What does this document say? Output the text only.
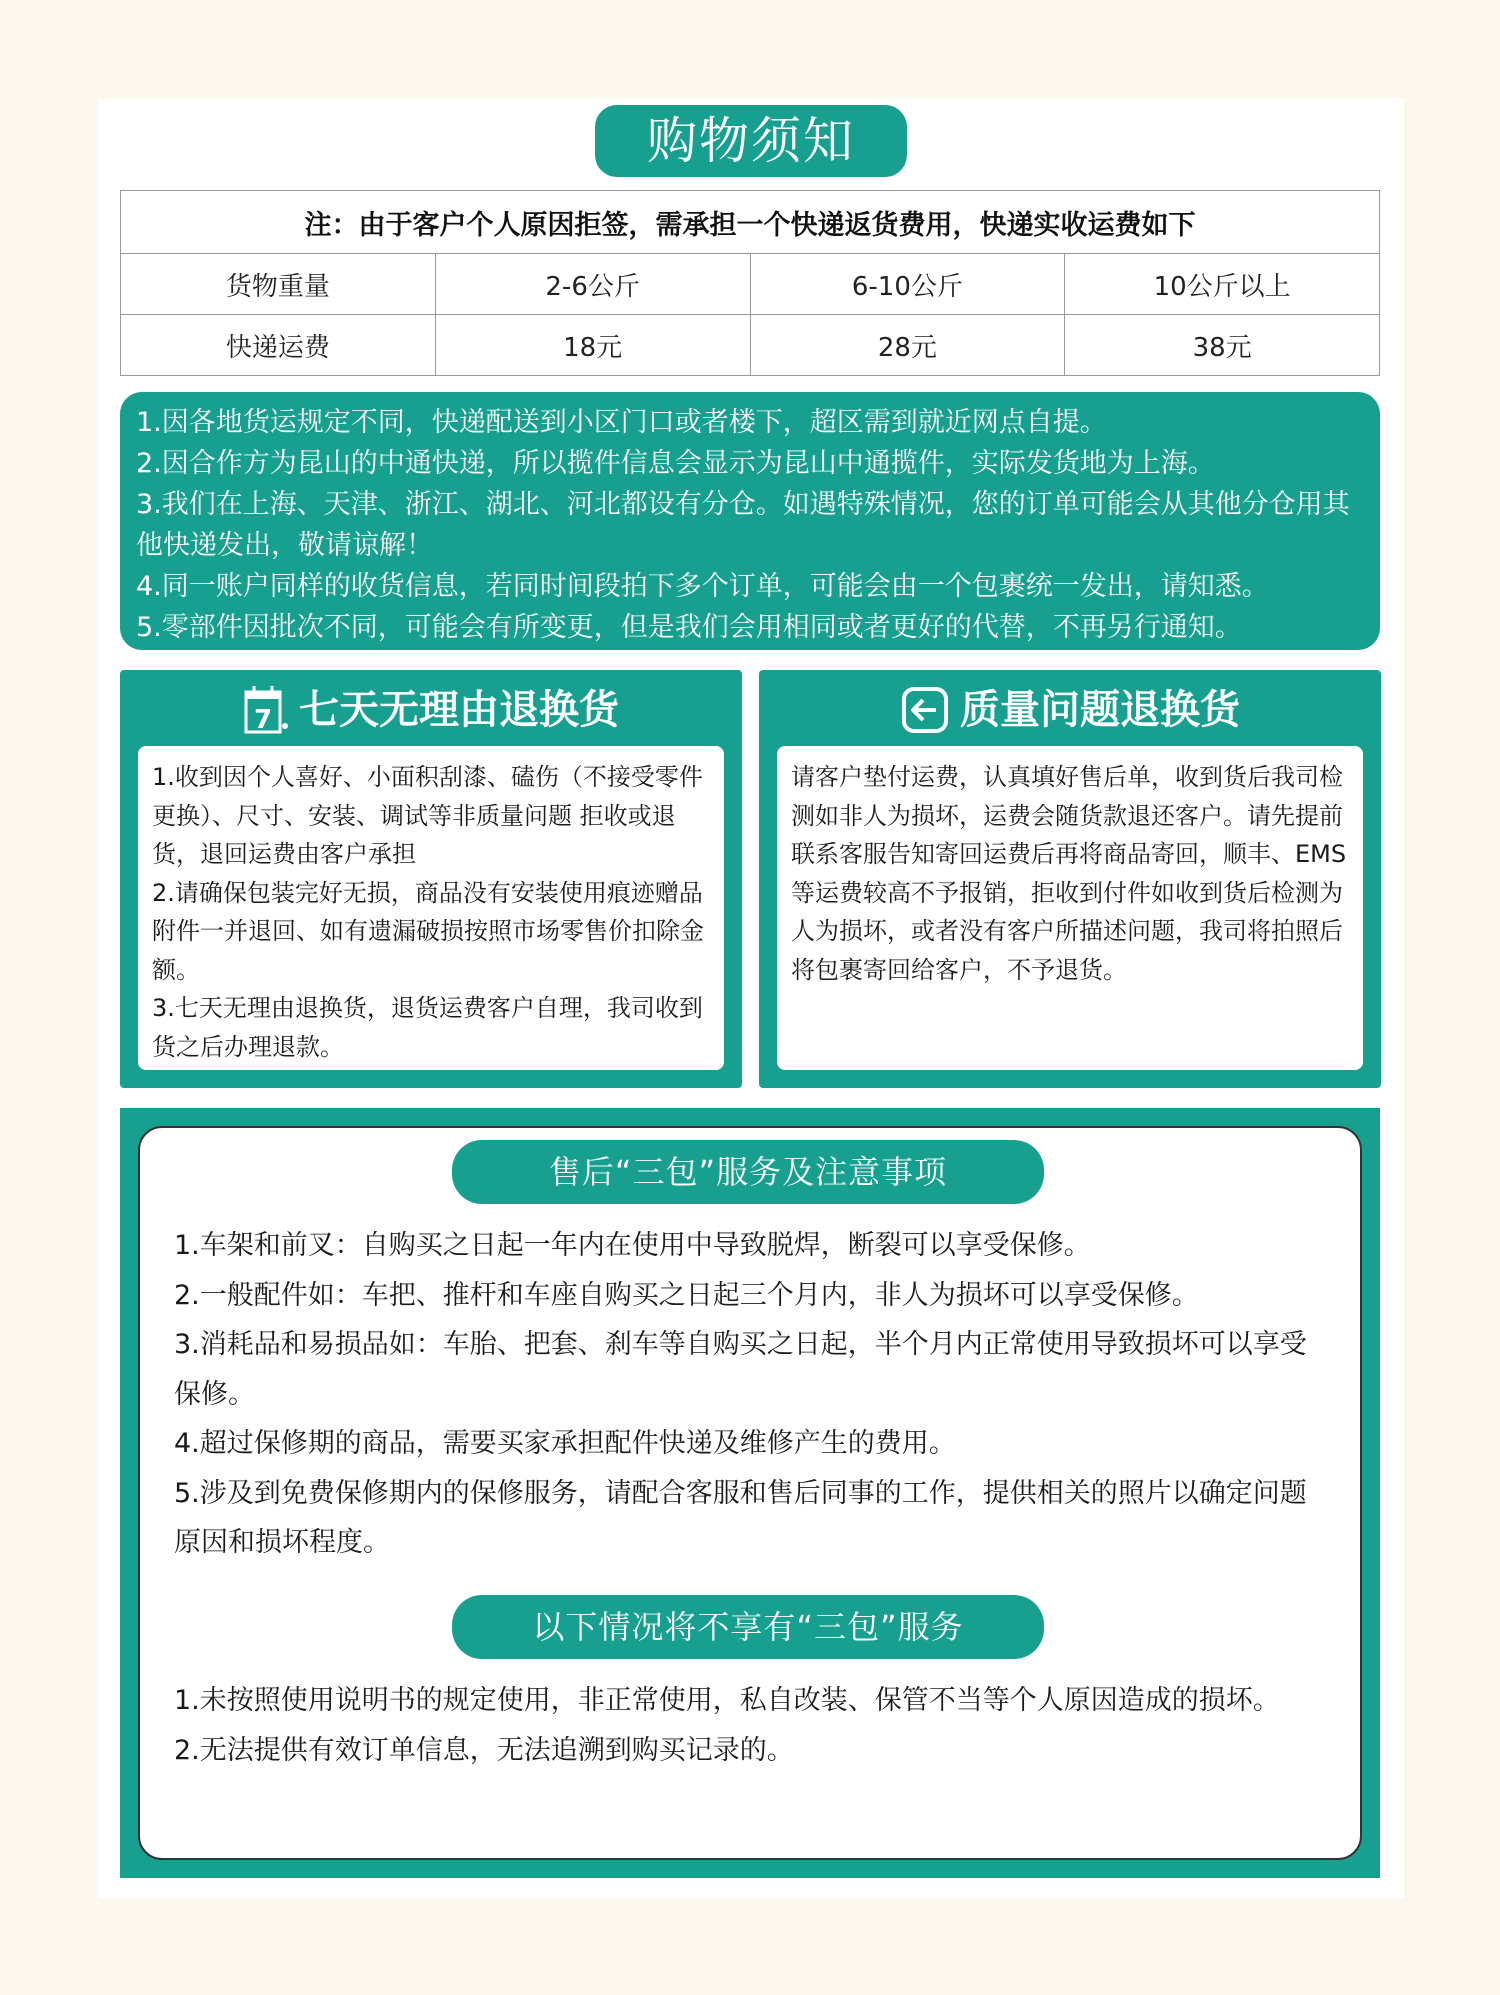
购物须知
注：由于客户个人原因拒签，需承担一个快递返货费用，快递实收运费如下			
货物重量	2-6公斤	6-10公斤	10公斤以上
快递运费	18元	28元	38元

1.因各地货运规定不同，快递配送到小区门口或者楼下，超区需到就近网点自提。

2.因合作方为昆山的中通快递，所以揽件信息会显示为昆山中通揽件，实际发货地为上海。

3.我们在上海、天津、浙江、湖北、河北都设有分仓。如遇特殊情况，您的订单可能会从其他分仓用其他快递发出，敬请谅解！

4.同一账户同样的收货信息，若同时间段拍下多个订单，可能会由一个包裹统一发出，请知悉。

5.零部件因批次不同，可能会有所变更，但是我们会用相同或者更好的代替，不再另行通知。

7 七天无理由退换货

1.收到因个人喜好、小面积刮漆、磕伤（不接受零件更换）、尺寸、安装、调试等非质量问题 拒收或退货，退回运费由客户承担

2.请确保包装完好无损，商品没有安装使用痕迹赠品附件一并退回、如有遗漏破损按照市场零售价扣除金额。

3.七天无理由退换货，退货运费客户自理，我司收到货之后办理退款。

质量问题退换货

请客户垫付运费，认真填好售后单，收到货后我司检测如非人为损坏，运费会随货款退还客户。请先提前联系客服告知寄回运费后再将商品寄回，顺丰、EMS等运费较高不予报销，拒收到付件如收到货后检测为人为损坏，或者没有客户所描述问题，我司将拍照后将包裹寄回给客户，不予退货。

售后“三包”服务及注意事项

1.车架和前叉：自购买之日起一年内在使用中导致脱焊，断裂可以享受保修。

2.一般配件如：车把、推杆和车座自购买之日起三个月内，非人为损坏可以享受保修。

3.消耗品和易损品如：车胎、把套、刹车等自购买之日起，半个月内正常使用导致损坏可以享受保修。

4.超过保修期的商品，需要买家承担配件快递及维修产生的费用。

5.涉及到免费保修期内的保修服务，请配合客服和售后同事的工作，提供相关的照片以确定问题原因和损坏程度。

以下情况将不享有“三包”服务

1.未按照使用说明书的规定使用，非正常使用，私自改装、保管不当等个人原因造成的损坏。

2.无法提供有效订单信息，无法追溯到购买记录的。
